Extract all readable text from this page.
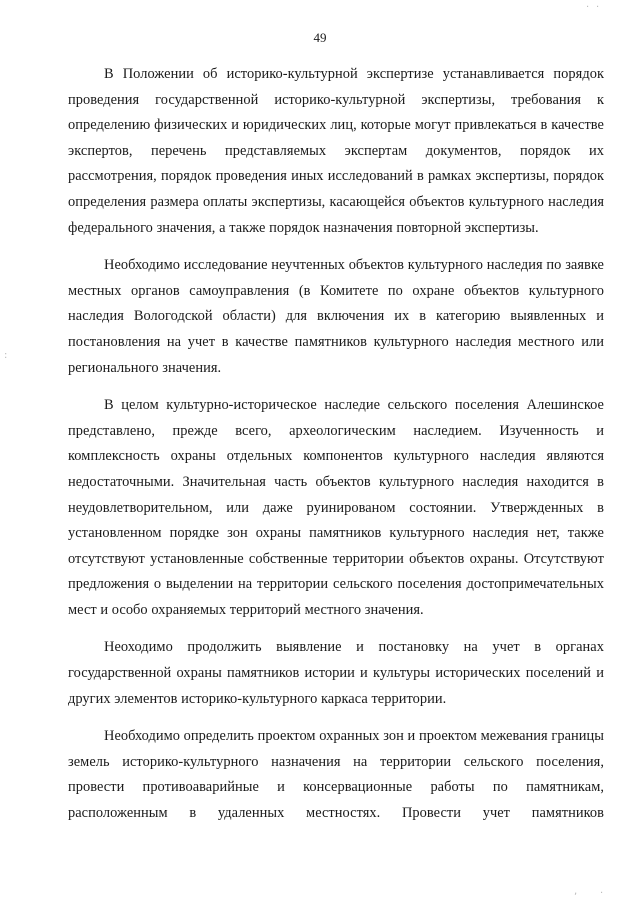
49

В Положении об историко-культурной экспертизе устанавливается порядок проведения государственной историко-культурной экспертизы, требования к определению физических и юридических лиц, которые могут привлекаться в качестве экспертов, перечень представляемых экспертам документов, порядок их рассмотрения, порядок проведения иных исследований в рамках экспертизы, порядок определения размера оплаты экспертизы, касающейся объектов культурного наследия федерального значения, а также порядок назначения повторной экспертизы.

Необходимо исследование неучтенных объектов культурного наследия по заявке местных органов самоуправления (в Комитете по охране объектов культурного наследия Вологодской области) для включения их в категорию выявленных и постановления на учет в качестве памятников культурного наследия местного или регионального значения.

В целом культурно-историческое наследие сельского поселения Алешинское представлено, прежде всего, археологическим наследием. Изученность и комплексность охраны отдельных компонентов культурного наследия являются недостаточными. Значительная часть объектов культурного наследия находится в неудовлетворительном, или даже руинированом состоянии. Утвержденных в установленном порядке зон охраны памятников культурного наследия нет, также отсутствуют установленные собственные территории объектов охраны. Отсутствуют предложения о выделении на территории сельского поселения достопримечательных мест и особо охраняемых территорий местного значения.

Неоходимо продолжить выявление и постановку на учет в органах государственной охраны памятников истории и культуры исторических поселений и других элементов историко-культурного каркаса территории.

Необходимо определить проектом охранных зон и проектом межевания границы земель историко-культурного назначения на территории сельского поселения, провести противоаварийные и консервационные работы по памятникам, расположенным в удаленных местностях. Провести учет памятников

:
, ·
· ·
